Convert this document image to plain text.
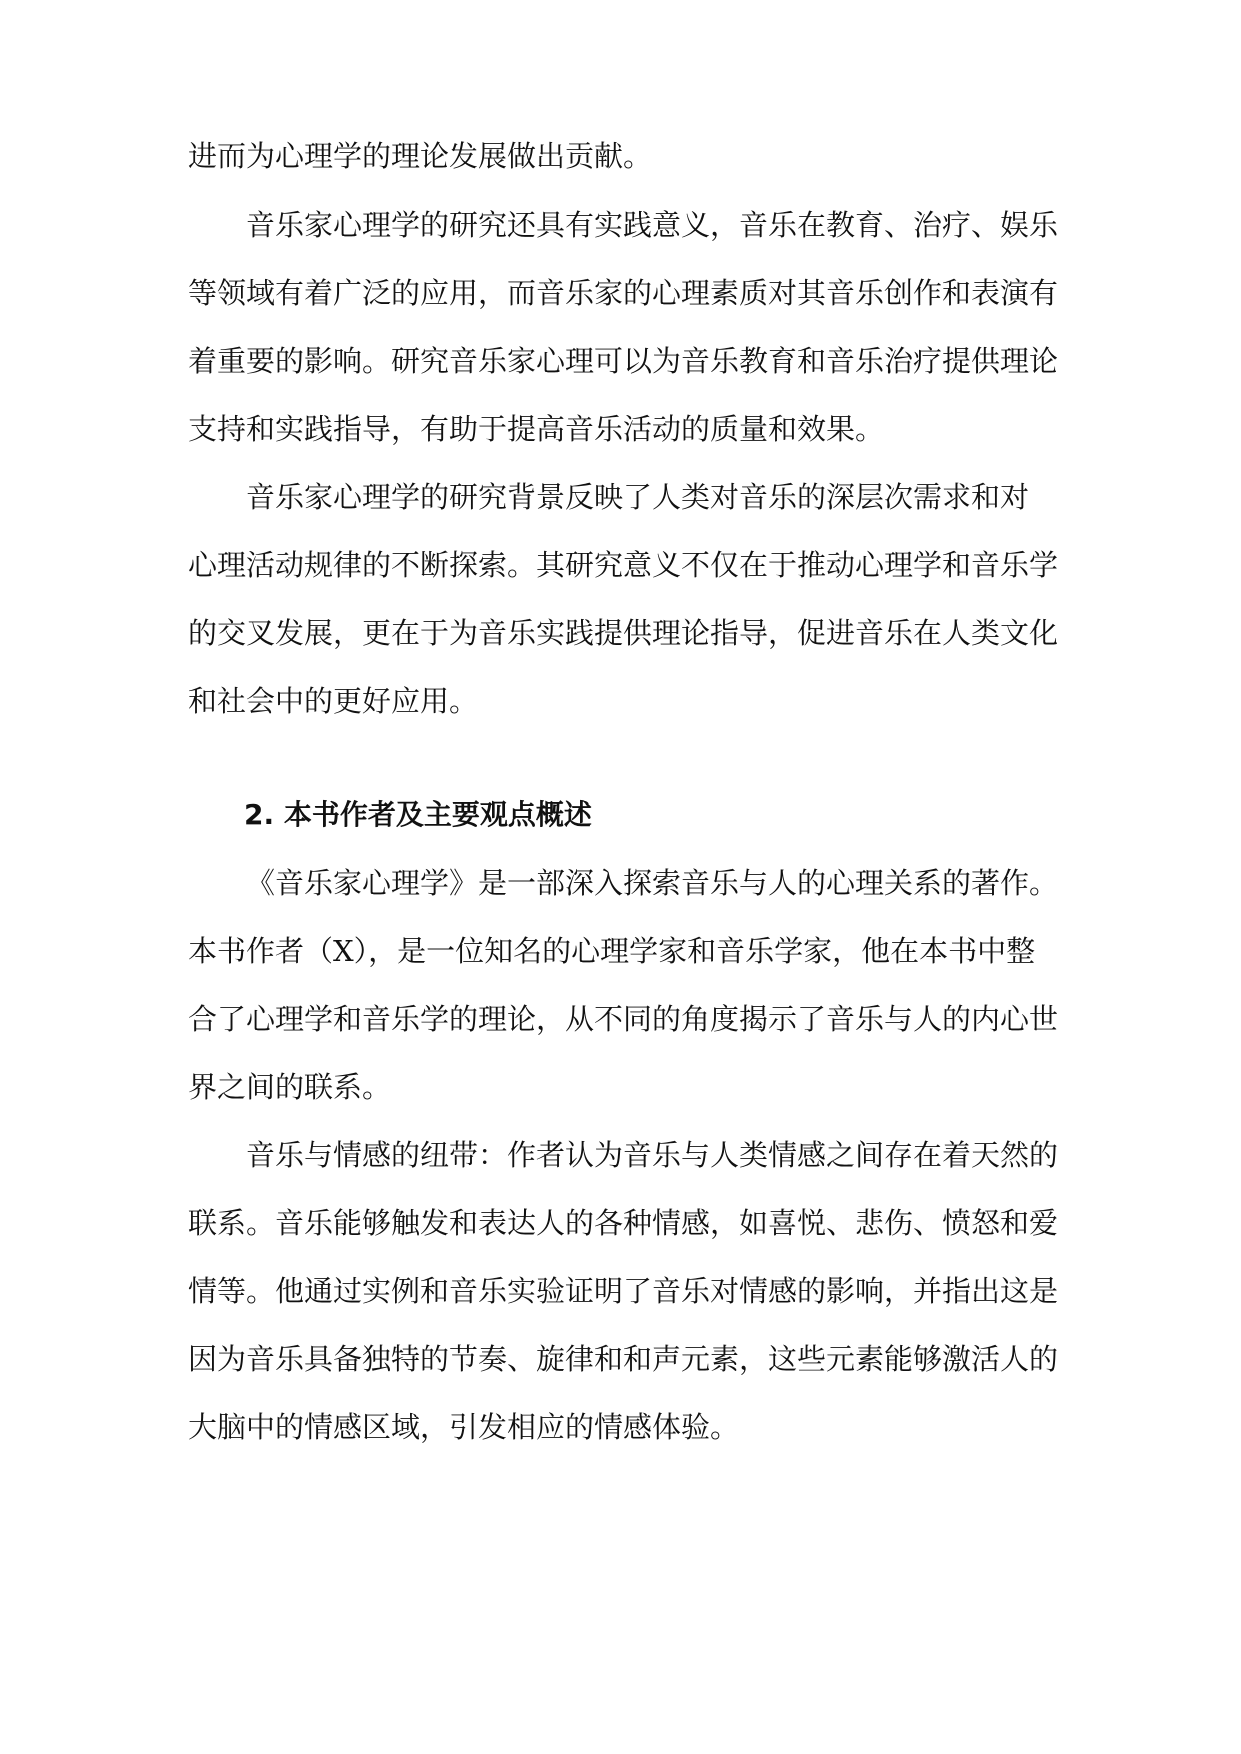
进而为心理学的理论发展做出贡献。

音乐家心理学的研究还具有实践意义，音乐在教育、治疗、娱乐

等领域有着广泛的应用，而音乐家的心理素质对其音乐创作和表演有

着重要的影响。研究音乐家心理可以为音乐教育和音乐治疗提供理论

支持和实践指导，有助于提高音乐活动的质量和效果。

音乐家心理学的研究背景反映了人类对音乐的深层次需求和对

心理活动规律的不断探索。其研究意义不仅在于推动心理学和音乐学

的交叉发展，更在于为音乐实践提供理论指导，促进音乐在人类文化

和社会中的更好应用。

2. 本书作者及主要观点概述

《音乐家心理学》是一部深入探索音乐与人的心理关系的著作。

本书作者（X），是一位知名的心理学家和音乐学家，他在本书中整

合了心理学和音乐学的理论，从不同的角度揭示了音乐与人的内心世

界之间的联系。

音乐与情感的纽带：作者认为音乐与人类情感之间存在着天然的

联系。音乐能够触发和表达人的各种情感，如喜悦、悲伤、愤怒和爱

情等。他通过实例和音乐实验证明了音乐对情感的影响，并指出这是

因为音乐具备独特的节奏、旋律和和声元素，这些元素能够激活人的

大脑中的情感区域，引发相应的情感体验。
